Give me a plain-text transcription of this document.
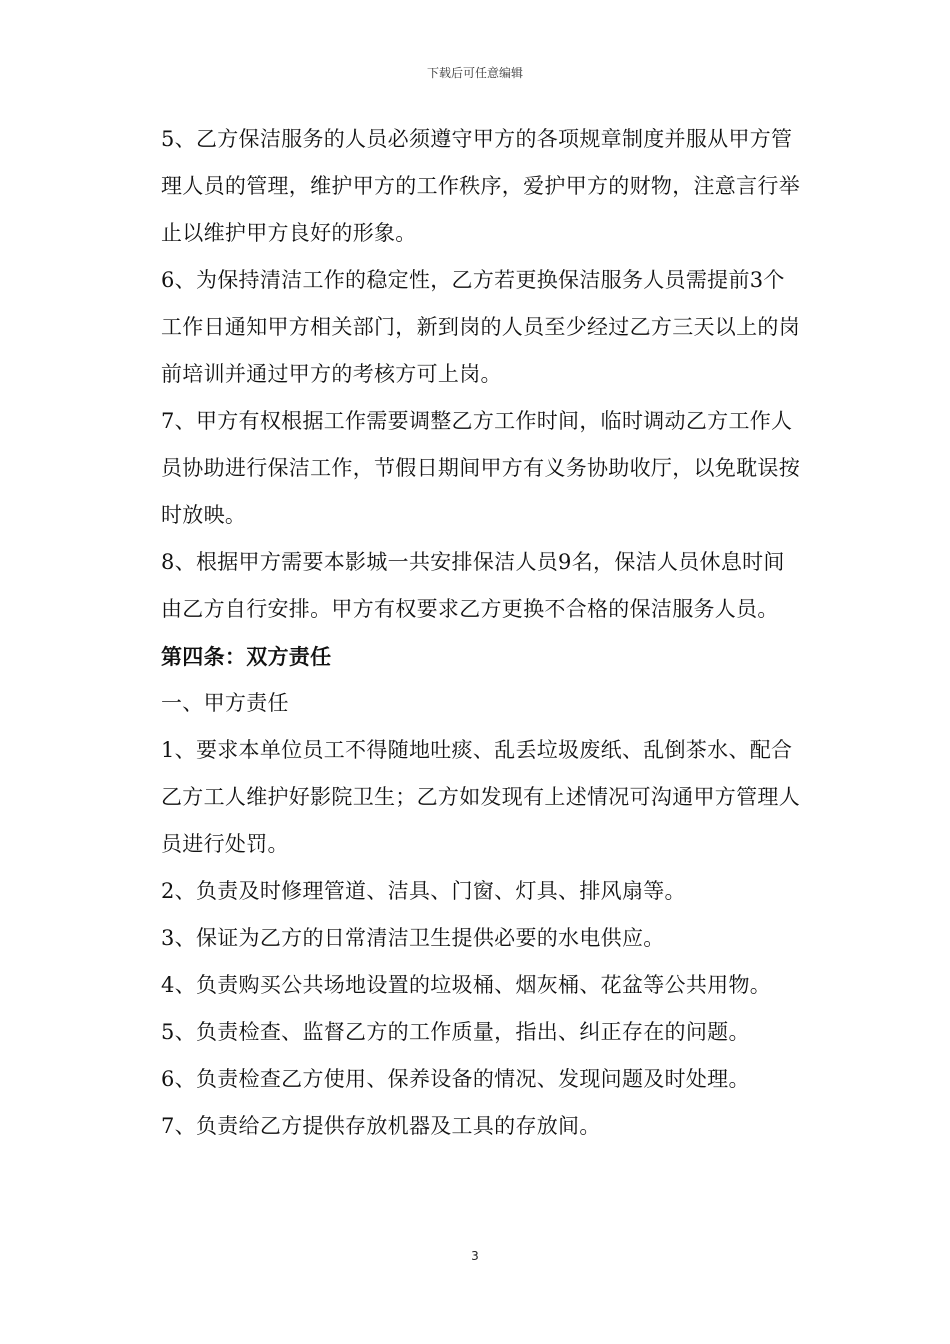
下载后可任意编辑

5、乙方保洁服务的人员必须遵守甲方的各项规章制度并服从甲方管理人员的管理，维护甲方的工作秩序，爱护甲方的财物，注意言行举止以维护甲方良好的形象。

6、为保持清洁工作的稳定性，乙方若更换保洁服务人员需提前3个工作日通知甲方相关部门，新到岗的人员至少经过乙方三天以上的岗前培训并通过甲方的考核方可上岗。

7、甲方有权根据工作需要调整乙方工作时间，临时调动乙方工作人员协助进行保洁工作，节假日期间甲方有义务协助收厅，以免耽误按时放映。

8、根据甲方需要本影城一共安排保洁人员9名，保洁人员休息时间由乙方自行安排。甲方有权要求乙方更换不合格的保洁服务人员。

第四条：双方责任

一、甲方责任

1、要求本单位员工不得随地吐痰、乱丢垃圾废纸、乱倒茶水、配合乙方工人维护好影院卫生；乙方如发现有上述情况可沟通甲方管理人员进行处罚。

2、负责及时修理管道、洁具、门窗、灯具、排风扇等。

3、保证为乙方的日常清洁卫生提供必要的水电供应。

4、负责购买公共场地设置的垃圾桶、烟灰桶、花盆等公共用物。

5、负责检查、监督乙方的工作质量，指出、纠正存在的问题。

6、负责检查乙方使用、保养设备的情况、发现问题及时处理。

7、负责给乙方提供存放机器及工具的存放间。

3
